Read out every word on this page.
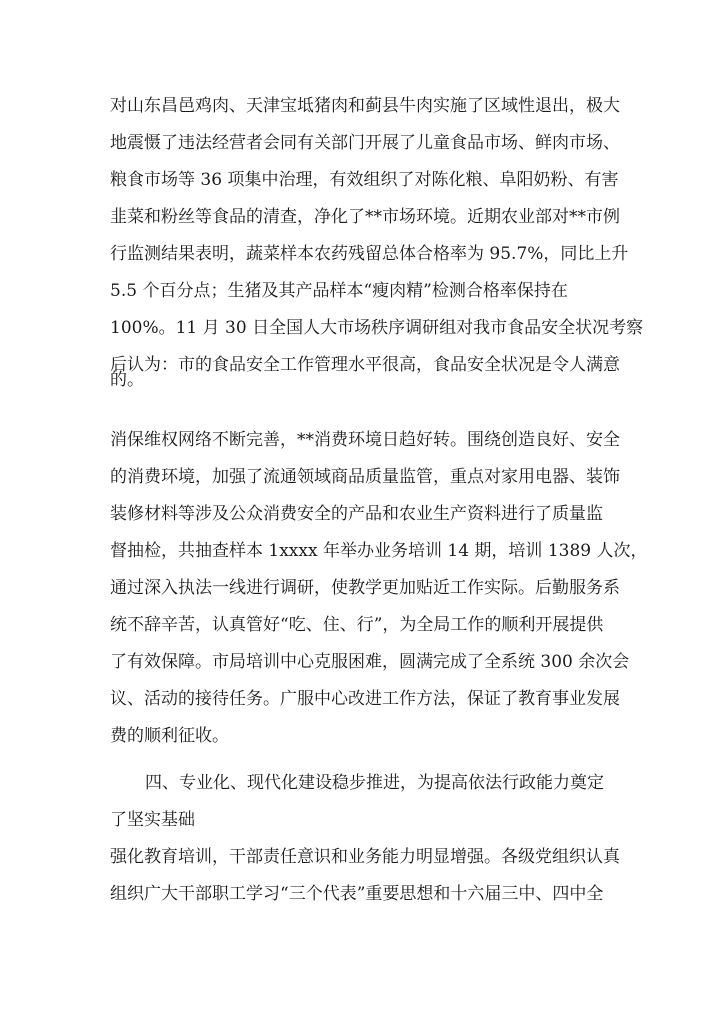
对山东昌邑鸡肉、天津宝坻猪肉和蓟县牛肉实施了区域性退出，极大
地震慑了违法经营者会同有关部门开展了儿童食品市场、鲜肉市场、
粮食市场等 36 项集中治理，有效组织了对陈化粮、阜阳奶粉、有害
韭菜和粉丝等食品的清查，净化了**市场环境。近期农业部对**市例
行监测结果表明，蔬菜样本农药残留总体合格率为 95.7%，同比上升
5.5 个百分点；生猪及其产品样本“瘦肉精”检测合格率保持在
100%。11 月 30 日全国人大市场秩序调研组对我市食品安全状况考察
后认为：市的食品安全工作管理水平很高，食品安全状况是令人满意
的。
消保维权网络不断完善，**消费环境日趋好转。围绕创造良好、安全
的消费环境，加强了流通领域商品质量监管，重点对家用电器、装饰
装修材料等涉及公众消费安全的产品和农业生产资料进行了质量监
督抽检，共抽查样本 1xxxx 年举办业务培训 14 期，培训 1389 人次，
通过深入执法一线进行调研，使教学更加贴近工作实际。后勤服务系
统不辞辛苦，认真管好“吃、住、行”，为全局工作的顺利开展提供
了有效保障。市局培训中心克服困难，圆满完成了全系统 300 余次会
议、活动的接待任务。广服中心改进工作方法，保证了教育事业发展
费的顺利征收。
四、专业化、现代化建设稳步推进，为提高依法行政能力奠定
了坚实基础
强化教育培训，干部责任意识和业务能力明显增强。各级党组织认真
组织广大干部职工学习“三个代表”重要思想和十六届三中、四中全
